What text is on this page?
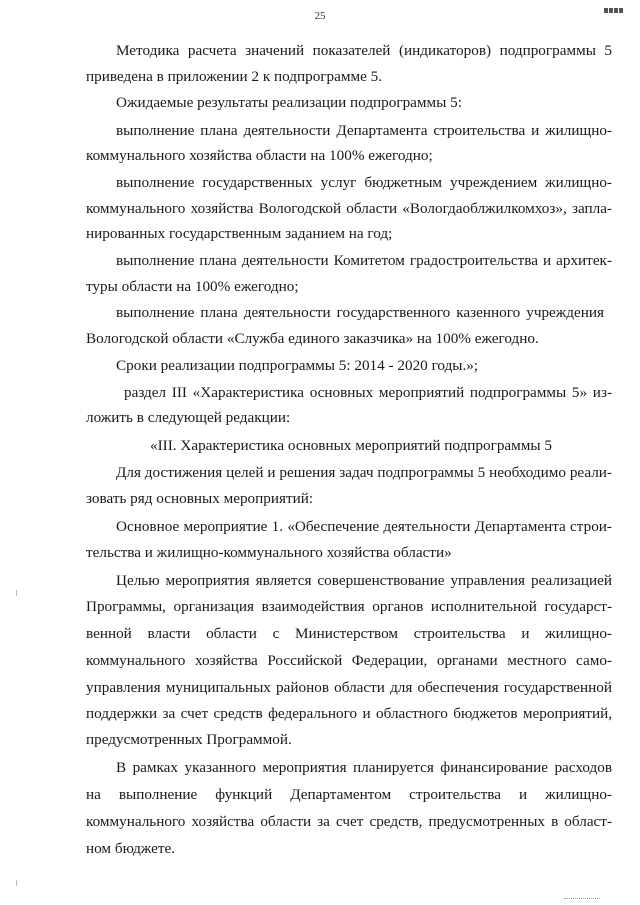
25
Методика расчета значений показателей (индикаторов) подпрограммы 5
приведена в приложении 2 к подпрограмме 5.
Ожидаемые результаты реализации подпрограммы 5:
выполнение плана деятельности Департамента строительства и жилищно-
коммунального хозяйства области на 100% ежегодно;
выполнение государственных услуг бюджетным учреждением жилищно-
коммунального хозяйства Вологодской области «Вологдаоблжилкомхоз», запла-
нированных государственным заданием на год;
выполнение плана деятельности Комитетом градостроительства и архитек-
туры области на 100% ежегодно;
выполнение плана деятельности государственного казенного учреждения
Вологодской области «Служба единого заказчика» на 100% ежегодно.
Сроки реализации подпрограммы 5: 2014 - 2020 годы.»;
раздел III «Характеристика основных мероприятий подпрограммы 5» из-
ложить в следующей редакции:
«III. Характеристика основных мероприятий подпрограммы 5
Для достижения целей и решения задач подпрограммы 5 необходимо реали-
зовать ряд основных мероприятий:
Основное мероприятие 1. «Обеспечение деятельности Департамента строи-
тельства и жилищно-коммунального хозяйства области»
Целью мероприятия является совершенствование управления реализацией
Программы, организация взаимодействия органов исполнительной государст-
венной власти области с Министерством строительства и жилищно-
коммунального хозяйства Российской Федерации, органами местного само-
управления муниципальных районов области для обеспечения государственной
поддержки за счет средств федерального и областного бюджетов мероприятий,
предусмотренных Программой.
В рамках указанного мероприятия планируется финансирование расходов
на выполнение функций Департаментом строительства и жилищно-
коммунального хозяйства области за счет средств, предусмотренных в област-
ном бюджете.
